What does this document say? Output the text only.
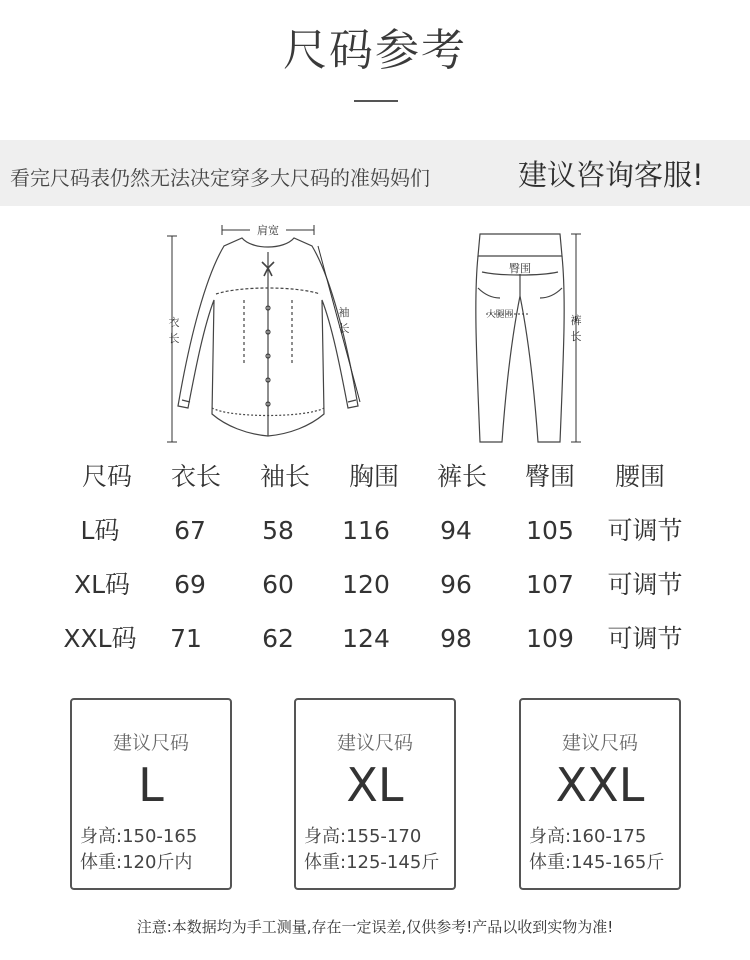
尺码参考
看完尺码表仍然无法决定穿多大尺码的准妈妈们	建议咨询客服!
肩宽
衣
长
袖
长
臀围
大腿围	裤
长
尺码	衣长	袖长	胸围	裤长	臀围	腰围
L码	67	58	116	94	105	可调节
XL码	69	60	120	96	107	可调节
XXL码	71	62	124	98	109	可调节
建议尺码
L
身高:150-165
体重:120斤内
建议尺码
XL
身高:155-170
体重:125-145斤
建议尺码
XXL
身高:160-175
体重:145-165斤
注意:本数据均为手工测量,存在一定误差,仅供参考!产品以收到实物为准!
